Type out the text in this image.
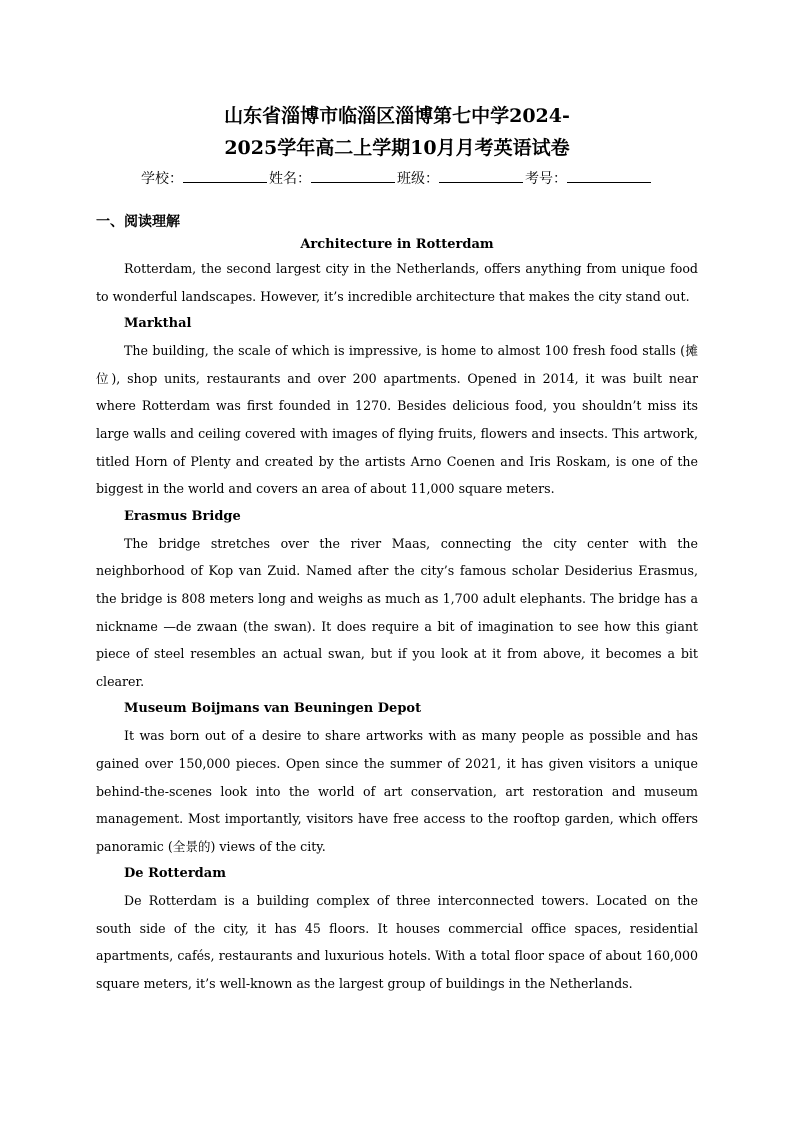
山东省淄博市临淄区淄博第七中学2024-
2025学年高二上学期10月月考英语试卷
学校：	姓名：	班级：	考号：
一、阅读理解
Architecture in Rotterdam

Rotterdam, the second largest city in the Netherlands, offers anything from unique food to wonderful landscapes. However, it’s incredible architecture that makes the city stand out.

Markthal

The building, the scale of which is impressive, is home to almost 100 fresh food stalls (摊位), shop units, restaurants and over 200 apartments. Opened in 2014, it was built near where Rotterdam was first founded in 1270. Besides delicious food, you shouldn’t miss its large walls and ceiling covered with images of flying fruits, flowers and insects. This artwork, titled Horn of Plenty and created by the artists Arno Coenen and Iris Roskam, is one of the biggest in the world and covers an area of about 11,000 square meters.

Erasmus Bridge

The bridge stretches over the river Maas, connecting the city center with the neighborhood of Kop van Zuid. Named after the city’s famous scholar Desiderius Erasmus, the bridge is 808 meters long and weighs as much as 1,700 adult elephants. The bridge has a nickname —de zwaan (the swan). It does require a bit of imagination to see how this giant piece of steel resembles an actual swan, but if you look at it from above, it becomes a bit clearer.

Museum Boijmans van Beuningen Depot

It was born out of a desire to share artworks with as many people as possible and has gained over 150,000 pieces. Open since the summer of 2021, it has given visitors a unique behind-the-scenes look into the world of art conservation, art restoration and museum management. Most importantly, visitors have free access to the rooftop garden, which offers panoramic (全景的) views of the city.

De Rotterdam

De Rotterdam is a building complex of three interconnected towers. Located on the south side of the city, it has 45 floors. It houses commercial office spaces, residential apartments, cafés, restaurants and luxurious hotels. With a total floor space of about 160,000 square meters, it’s well-known as the largest group of buildings in the Netherlands.
